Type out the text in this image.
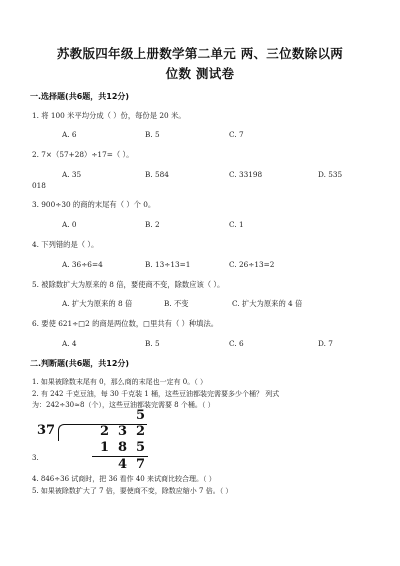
苏教版四年级上册数学第二单元 两、三位数除以两
位数 测试卷
一.选择题(共6题，共12分)
1. 将 100 米平均分成（ ）份，每份是 20 米。
A. 6	B. 5	C. 7
2. 7×（57+28）÷17=（ ）。
A. 35	B. 584	C. 33198	D. 535
018
3. 900÷30 的商的末尾有（ ）个 0。
A. 0	B. 2	C. 1
4. 下列错的是（ ）。
A. 36÷6=4	B. 13÷13=1	C. 26÷13=2
5. 被除数扩大为原来的 8 倍，要使商不变，除数应该（ ）。
A. 扩大为原来的 8 倍	B. 不变	C. 扩大为原来的 4 倍
6. 要使 621÷□2 的商是两位数，□里共有（ ）种填法。
A. 4	B. 5	C. 6	D. 7
二.判断题(共6题，共12分)
1. 如果被除数末尾有 0，那么商的末尾也一定有 0。（ ）
2. 有 242 千克豆油，每 30 千克装 1 桶，这些豆油都装完需要多少个桶？ 列式
为：242÷30≈8（个），这些豆油都装完需要 8 个桶。（ ）
5
37	2 3 2
1 8 5
4 7
3.
4. 846÷36 试商时，把 36 看作 40 来试商比较合理。（ ）
5. 如果被除数扩大了 7 倍，要使商不变，除数应缩小 7 倍。（ ）
